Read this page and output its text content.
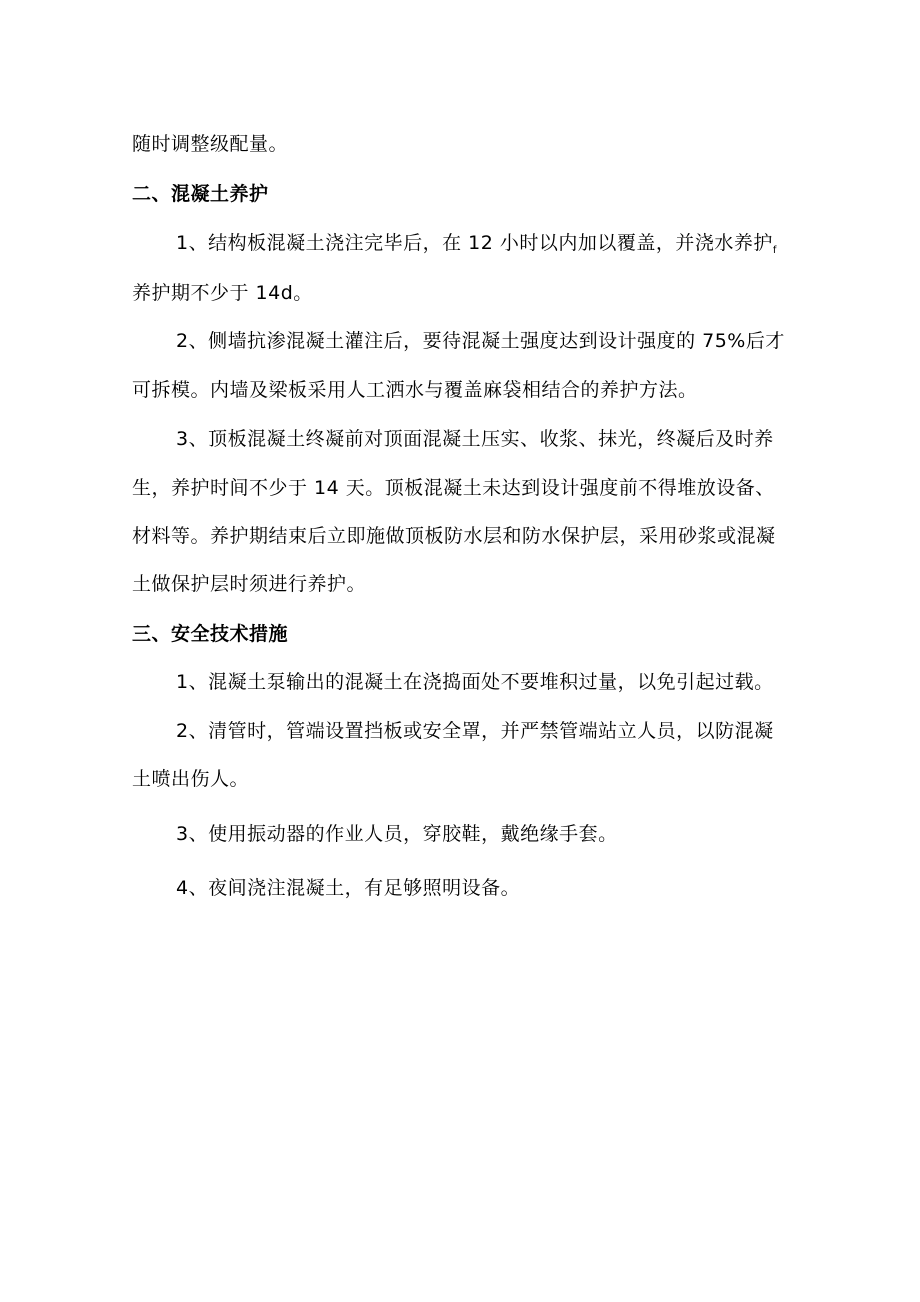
随时调整级配量。
二、混凝土养护
1、结构板混凝土浇注完毕后，在 12 小时以内加以覆盖，并浇水养护$_f$
养护期不少于 14d。
2、侧墙抗渗混凝土灌注后，要待混凝土强度达到设计强度的 75%后才
可拆模。内墙及梁板采用人工洒水与覆盖麻袋相结合的养护方法。
3、顶板混凝土终凝前对顶面混凝土压实、收浆、抹光，终凝后及时养
生，养护时间不少于 14 天。顶板混凝土未达到设计强度前不得堆放设备、
材料等。养护期结束后立即施做顶板防水层和防水保护层，采用砂浆或混凝
土做保护层时须进行养护。
三、安全技术措施
1、混凝土泵输出的混凝土在浇捣面处不要堆积过量，以免引起过载。
2、清管时，管端设置挡板或安全罩，并严禁管端站立人员，以防混凝
土喷出伤人。
3、使用振动器的作业人员，穿胶鞋，戴绝缘手套。
4、夜间浇注混凝土，有足够照明设备。
